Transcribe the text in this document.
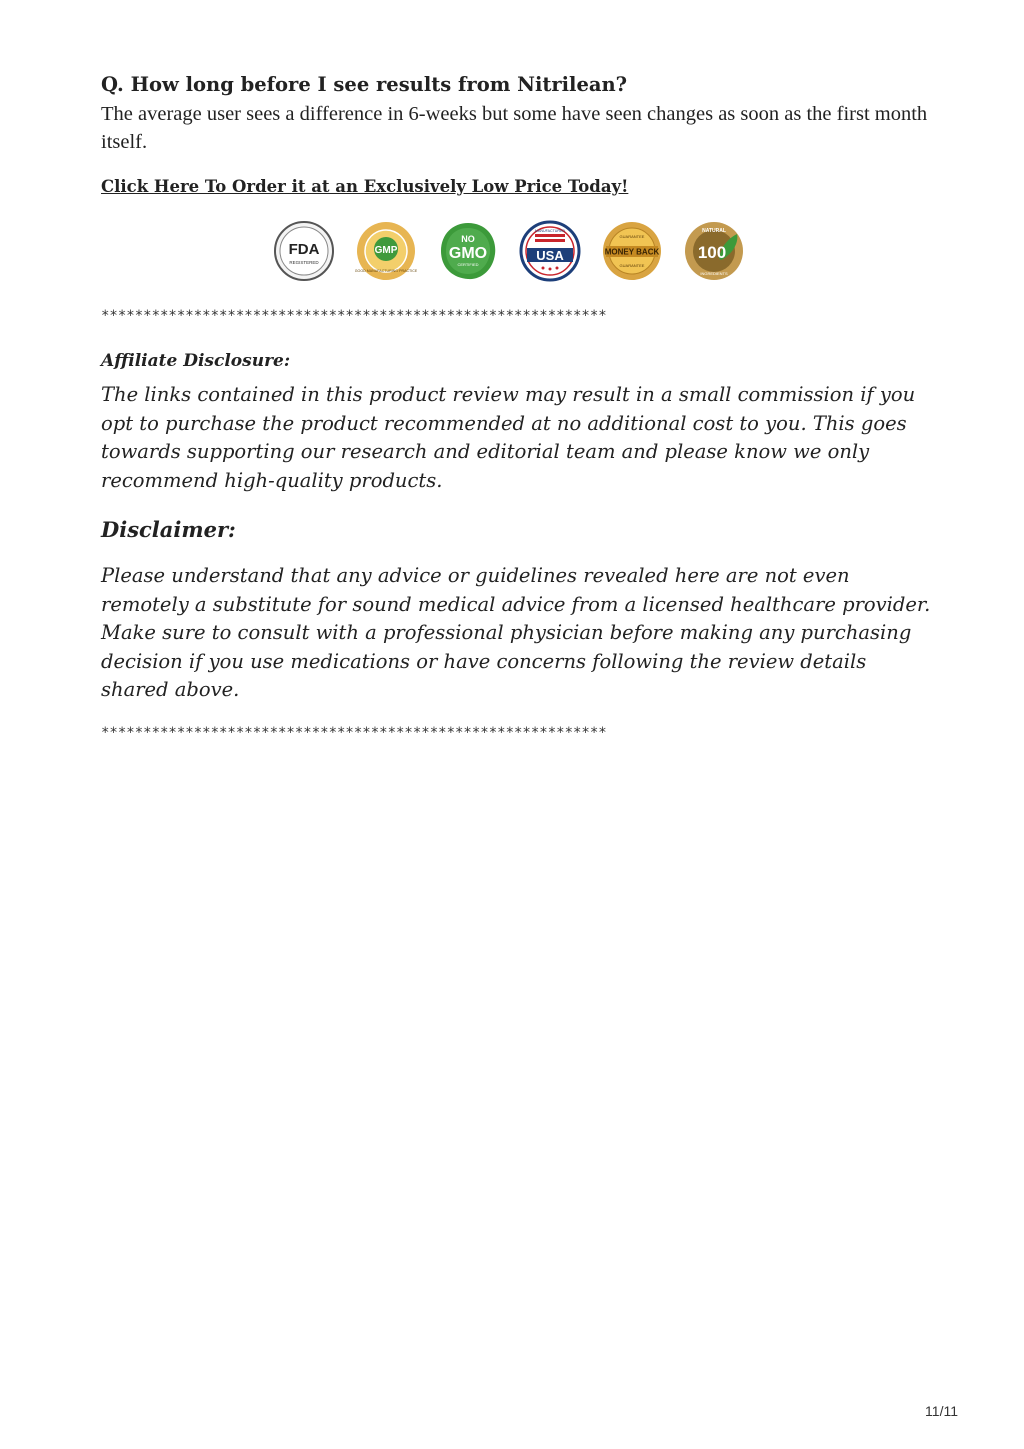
Q. How long before I see results from Nitrilean?

The average user sees a difference in 6-weeks but some have seen changes as soon as the first month itself.

Click Here To Order it at an Exclusively Low Price Today!
FDA
REGISTERED
GMP
GOOD MANUFACTURING PRACTICE
NO
GMO
CERTIFIED
MANUFACTURED
USA
GUARANTEE
MONEY BACK
GUARANTEE
NATURAL
100
INGREDIENTS
************************************************************
Affiliate Disclosure:
The links contained in this product review may result in a small commission if you opt to purchase the product recommended at no additional cost to you. This goes towards supporting our research and editorial team and please know we only recommend high-quality products.
Disclaimer:
Please understand that any advice or guidelines revealed here are not even remotely a substitute for sound medical advice from a licensed healthcare provider. Make sure to consult with a professional physician before making any purchasing decision if you use medications or have concerns following the review details shared above.
************************************************************
11/11
